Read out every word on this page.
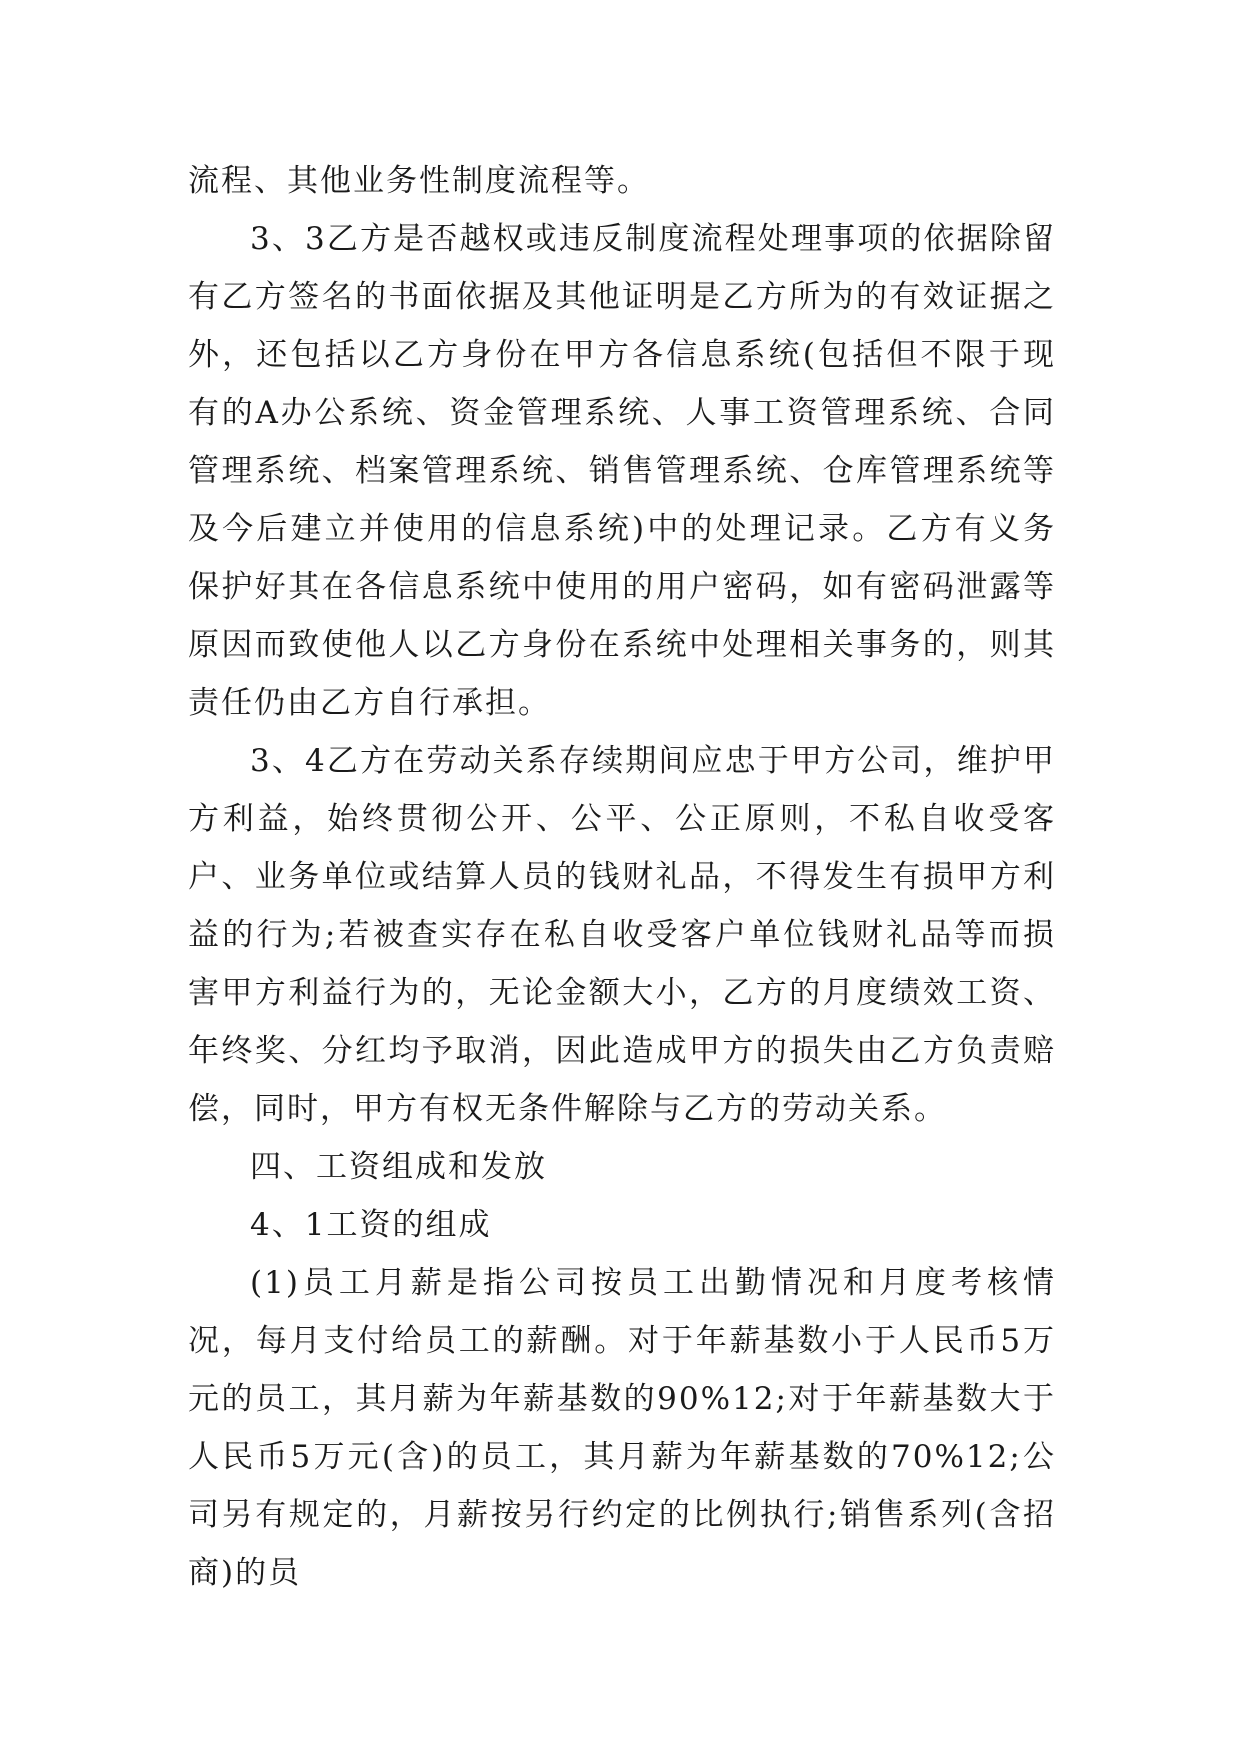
流程、其他业务性制度流程等。

3、3乙方是否越权或违反制度流程处理事项的依据除留有乙方签名的书面依据及其他证明是乙方所为的有效证据之外，还包括以乙方身份在甲方各信息系统(包括但不限于现有的A办公系统、资金管理系统、人事工资管理系统、合同管理系统、档案管理系统、销售管理系统、仓库管理系统等及今后建立并使用的信息系统)中的处理记录。乙方有义务保护好其在各信息系统中使用的用户密码，如有密码泄露等原因而致使他人以乙方身份在系统中处理相关事务的，则其责任仍由乙方自行承担。

3、4乙方在劳动关系存续期间应忠于甲方公司，维护甲方利益，始终贯彻公开、公平、公正原则，不私自收受客户、业务单位或结算人员的钱财礼品，不得发生有损甲方利益的行为;若被查实存在私自收受客户单位钱财礼品等而损害甲方利益行为的，无论金额大小，乙方的月度绩效工资、年终奖、分红均予取消，因此造成甲方的损失由乙方负责赔偿，同时，甲方有权无条件解除与乙方的劳动关系。

四、工资组成和发放

4、1工资的组成

(1)员工月薪是指公司按员工出勤情况和月度考核情况，每月支付给员工的薪酬。对于年薪基数小于人民币5万元的员工，其月薪为年薪基数的90%12;对于年薪基数大于人民币5万元(含)的员工，其月薪为年薪基数的70%12;公司另有规定的，月薪按另行约定的比例执行;销售系列(含招商)的员
